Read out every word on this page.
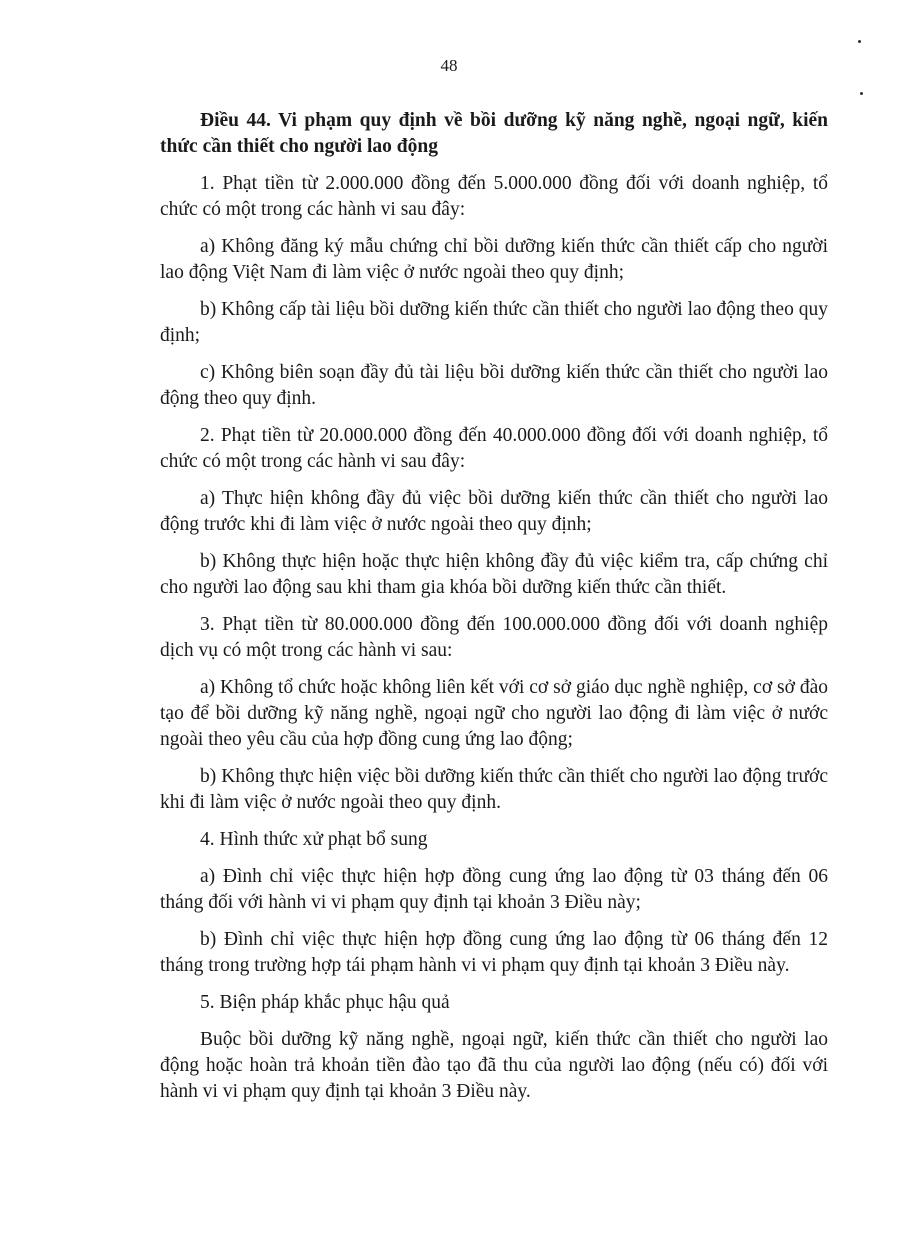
48

Điều 44. Vi phạm quy định về bồi dưỡng kỹ năng nghề, ngoại ngữ, kiến thức cần thiết cho người lao động

1. Phạt tiền từ 2.000.000 đồng đến 5.000.000 đồng đối với doanh nghiệp, tổ chức có một trong các hành vi sau đây:

a) Không đăng ký mẫu chứng chỉ bồi dưỡng kiến thức cần thiết cấp cho người lao động Việt Nam đi làm việc ở nước ngoài theo quy định;

b) Không cấp tài liệu bồi dưỡng kiến thức cần thiết cho người lao động theo quy định;

c) Không biên soạn đầy đủ tài liệu bồi dưỡng kiến thức cần thiết cho người lao động theo quy định.

2. Phạt tiền từ 20.000.000 đồng đến 40.000.000 đồng đối với doanh nghiệp, tổ chức có một trong các hành vi sau đây:

a) Thực hiện không đầy đủ việc bồi dưỡng kiến thức cần thiết cho người lao động trước khi đi làm việc ở nước ngoài theo quy định;

b) Không thực hiện hoặc thực hiện không đầy đủ việc kiểm tra, cấp chứng chỉ cho người lao động sau khi tham gia khóa bồi dưỡng kiến thức cần thiết.

3. Phạt tiền từ 80.000.000 đồng đến 100.000.000 đồng đối với doanh nghiệp dịch vụ có một trong các hành vi sau:

a) Không tổ chức hoặc không liên kết với cơ sở giáo dục nghề nghiệp, cơ sở đào tạo để bồi dưỡng kỹ năng nghề, ngoại ngữ cho người lao động đi làm việc ở nước ngoài theo yêu cầu của hợp đồng cung ứng lao động;

b) Không thực hiện việc bồi dưỡng kiến thức cần thiết cho người lao động trước khi đi làm việc ở nước ngoài theo quy định.

4. Hình thức xử phạt bổ sung

a) Đình chỉ việc thực hiện hợp đồng cung ứng lao động từ 03 tháng đến 06 tháng đối với hành vi vi phạm quy định tại khoản 3 Điều này;

b) Đình chỉ việc thực hiện hợp đồng cung ứng lao động từ 06 tháng đến 12 tháng trong trường hợp tái phạm hành vi vi phạm quy định tại khoản 3 Điều này.

5. Biện pháp khắc phục hậu quả

Buộc bồi dưỡng kỹ năng nghề, ngoại ngữ, kiến thức cần thiết cho người lao động hoặc hoàn trả khoản tiền đào tạo đã thu của người lao động (nếu có) đối với hành vi vi phạm quy định tại khoản 3 Điều này.
